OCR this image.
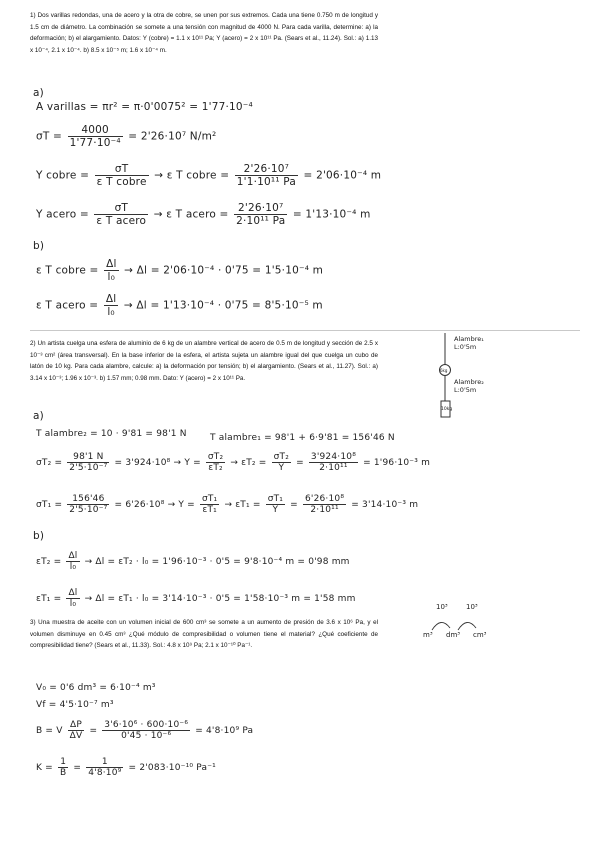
1) Dos varillas redondas, una de acero y la otra de cobre, se unen por sus extremos. Cada una tiene 0.750 m de longitud y 1.5 cm de diámetro. La combinación se somete a una tensión con magnitud de 4000 N. Para cada varilla, determine: a) la deformación; b) el alargamiento. Datos: Y (cobre) = 1.1 x 10¹¹ Pa; Y (acero) = 2 x 10¹¹ Pa. (Sears et al., 11.24). Sol.: a) 1.13 x 10⁻⁴, 2.1 x 10⁻⁴. b) 8.5 x 10⁻⁵ m; 1.6 x 10⁻⁴ m.
a)
A varillas = πr² = π·0'0075² = 1'77·10⁻⁴
$\sigma T = \frac{4000}{\text{1'77·10⁻⁴}} = 2'26\cdot 10^7$ N/m²
Y cobre = $\frac{\sigma T}{\text{ε T cobre}} \to \varepsilon$ T cobre = $\frac{\text{2'26·10⁷}}{\text{1'1·10¹¹ Pa}} = 2'06\cdot 10^{-4}$ m
Y acero = $\frac{\sigma T}{\text{ε T acero}} \to \varepsilon$ T acero = $\frac{\text{2'26·10⁷}}{\text{2·10¹¹ Pa}} = 1'13\cdot 10^{-4}$ m
b)
ε T cobre = $\frac{\Delta l}{\text{l₀}} \to \Delta l = 2'06\cdot 10^{-4} \cdot 0'75 = 1'5\cdot 10^{-4}$ m
ε T acero = $\frac{\Delta l}{\text{l₀}} \to \Delta l = 1'13\cdot 10^{-4} \cdot 0'75 = 8'5\cdot 10^{-5}$ m
2) Un artista cuelga una esfera de aluminio de 6 kg de un alambre vertical de acero de 0.5 m de longitud y sección de 2.5 x 10⁻³ cm² (área transversal). En la base inferior de la esfera, el artista sujeta un alambre igual del que cuelga un cubo de latón de 10 kg. Para cada alambre, calcule: a) la deformación por tensión; b) el alargamiento. (Sears et al., 11.27). Sol.: a) 3.14 x 10⁻³; 1.96 x 10⁻³. b) 1.57 mm; 0.98 mm. Dato: Y (acero) = 2 x 10¹¹ Pa.
Alambre₁
L:0'5m
6kg
Alambre₂
L:0'5m
10kg
a)
T alambre₂ = 10 · 9'81 = 98'1 N	T alambre₁ = 98'1 + 6·9'81 = 156'46 N
$\sigma T_2 = \frac{98'1 N}{\text{2'5·10⁻⁷}} = 3'924\cdot 10^8 \to Y = \frac{\text{σT₂}}{\text{εT₂}} \to \varepsilon T_2 = \frac{\text{σT₂}}{Y} = \frac{\text{3'924·10⁸}}{\text{2·10¹¹}} = 1'96\cdot 10^{-3}$ m
$\sigma T_1 = \frac{156'46}{\text{2'5·10⁻⁷}} = 6'26\cdot 10^8 \to Y = \frac{\text{σT₁}}{\text{εT₁}} \to \varepsilon T_1 = \frac{\text{σT₁}}{Y} = \frac{\text{6'26·10⁸}}{\text{2·10¹¹}} = 3'14\cdot 10^{-3}$ m
b)
$\varepsilon T_2 = \frac{\Delta l}{\text{l₀}} \to \Delta l = \varepsilon T_2 \cdot l_0 = 1'96\cdot 10^{-3} \cdot 0'5 = 9'8\cdot 10^{-4}$ m = 0'98 mm
$\varepsilon T_1 = \frac{\Delta l}{\text{l₀}} \to \Delta l = \varepsilon T_1 \cdot l_0 = 3'14\cdot 10^{-3} \cdot 0'5 = 1'58\cdot 10^{-3}$ m = 1'58 mm
10³	10³
m³ dm³ cm³
3) Una muestra de aceite con un volumen inicial de 600 cm³ se somete a un aumento de presión de 3.6 x 10⁶ Pa, y el volumen disminuye en 0.45 cm³ ¿Qué módulo de compresibilidad o volumen tiene el material? ¿Qué coeficiente de compresibilidad tiene? (Sears et al., 11.33). Sol.: 4.8 x 10⁹ Pa; 2.1 x 10⁻¹⁰ Pa⁻¹.
V₀ = 0'6 dm³ = 6·10⁻⁴ m³
Vf = 4'5·10⁻⁷ m³
B = V $\frac{\Delta P}{\Delta V} = \frac{\text{3'6·10⁶ · 600·10⁻⁶}}{\text{0'45 · 10⁻⁶}} = 4'8\cdot 10^9$ Pa
$K = \frac{1}{B} = \frac{1}{\text{4'8·10⁹}} = 2'083\cdot 10^{-10}$ Pa⁻¹
